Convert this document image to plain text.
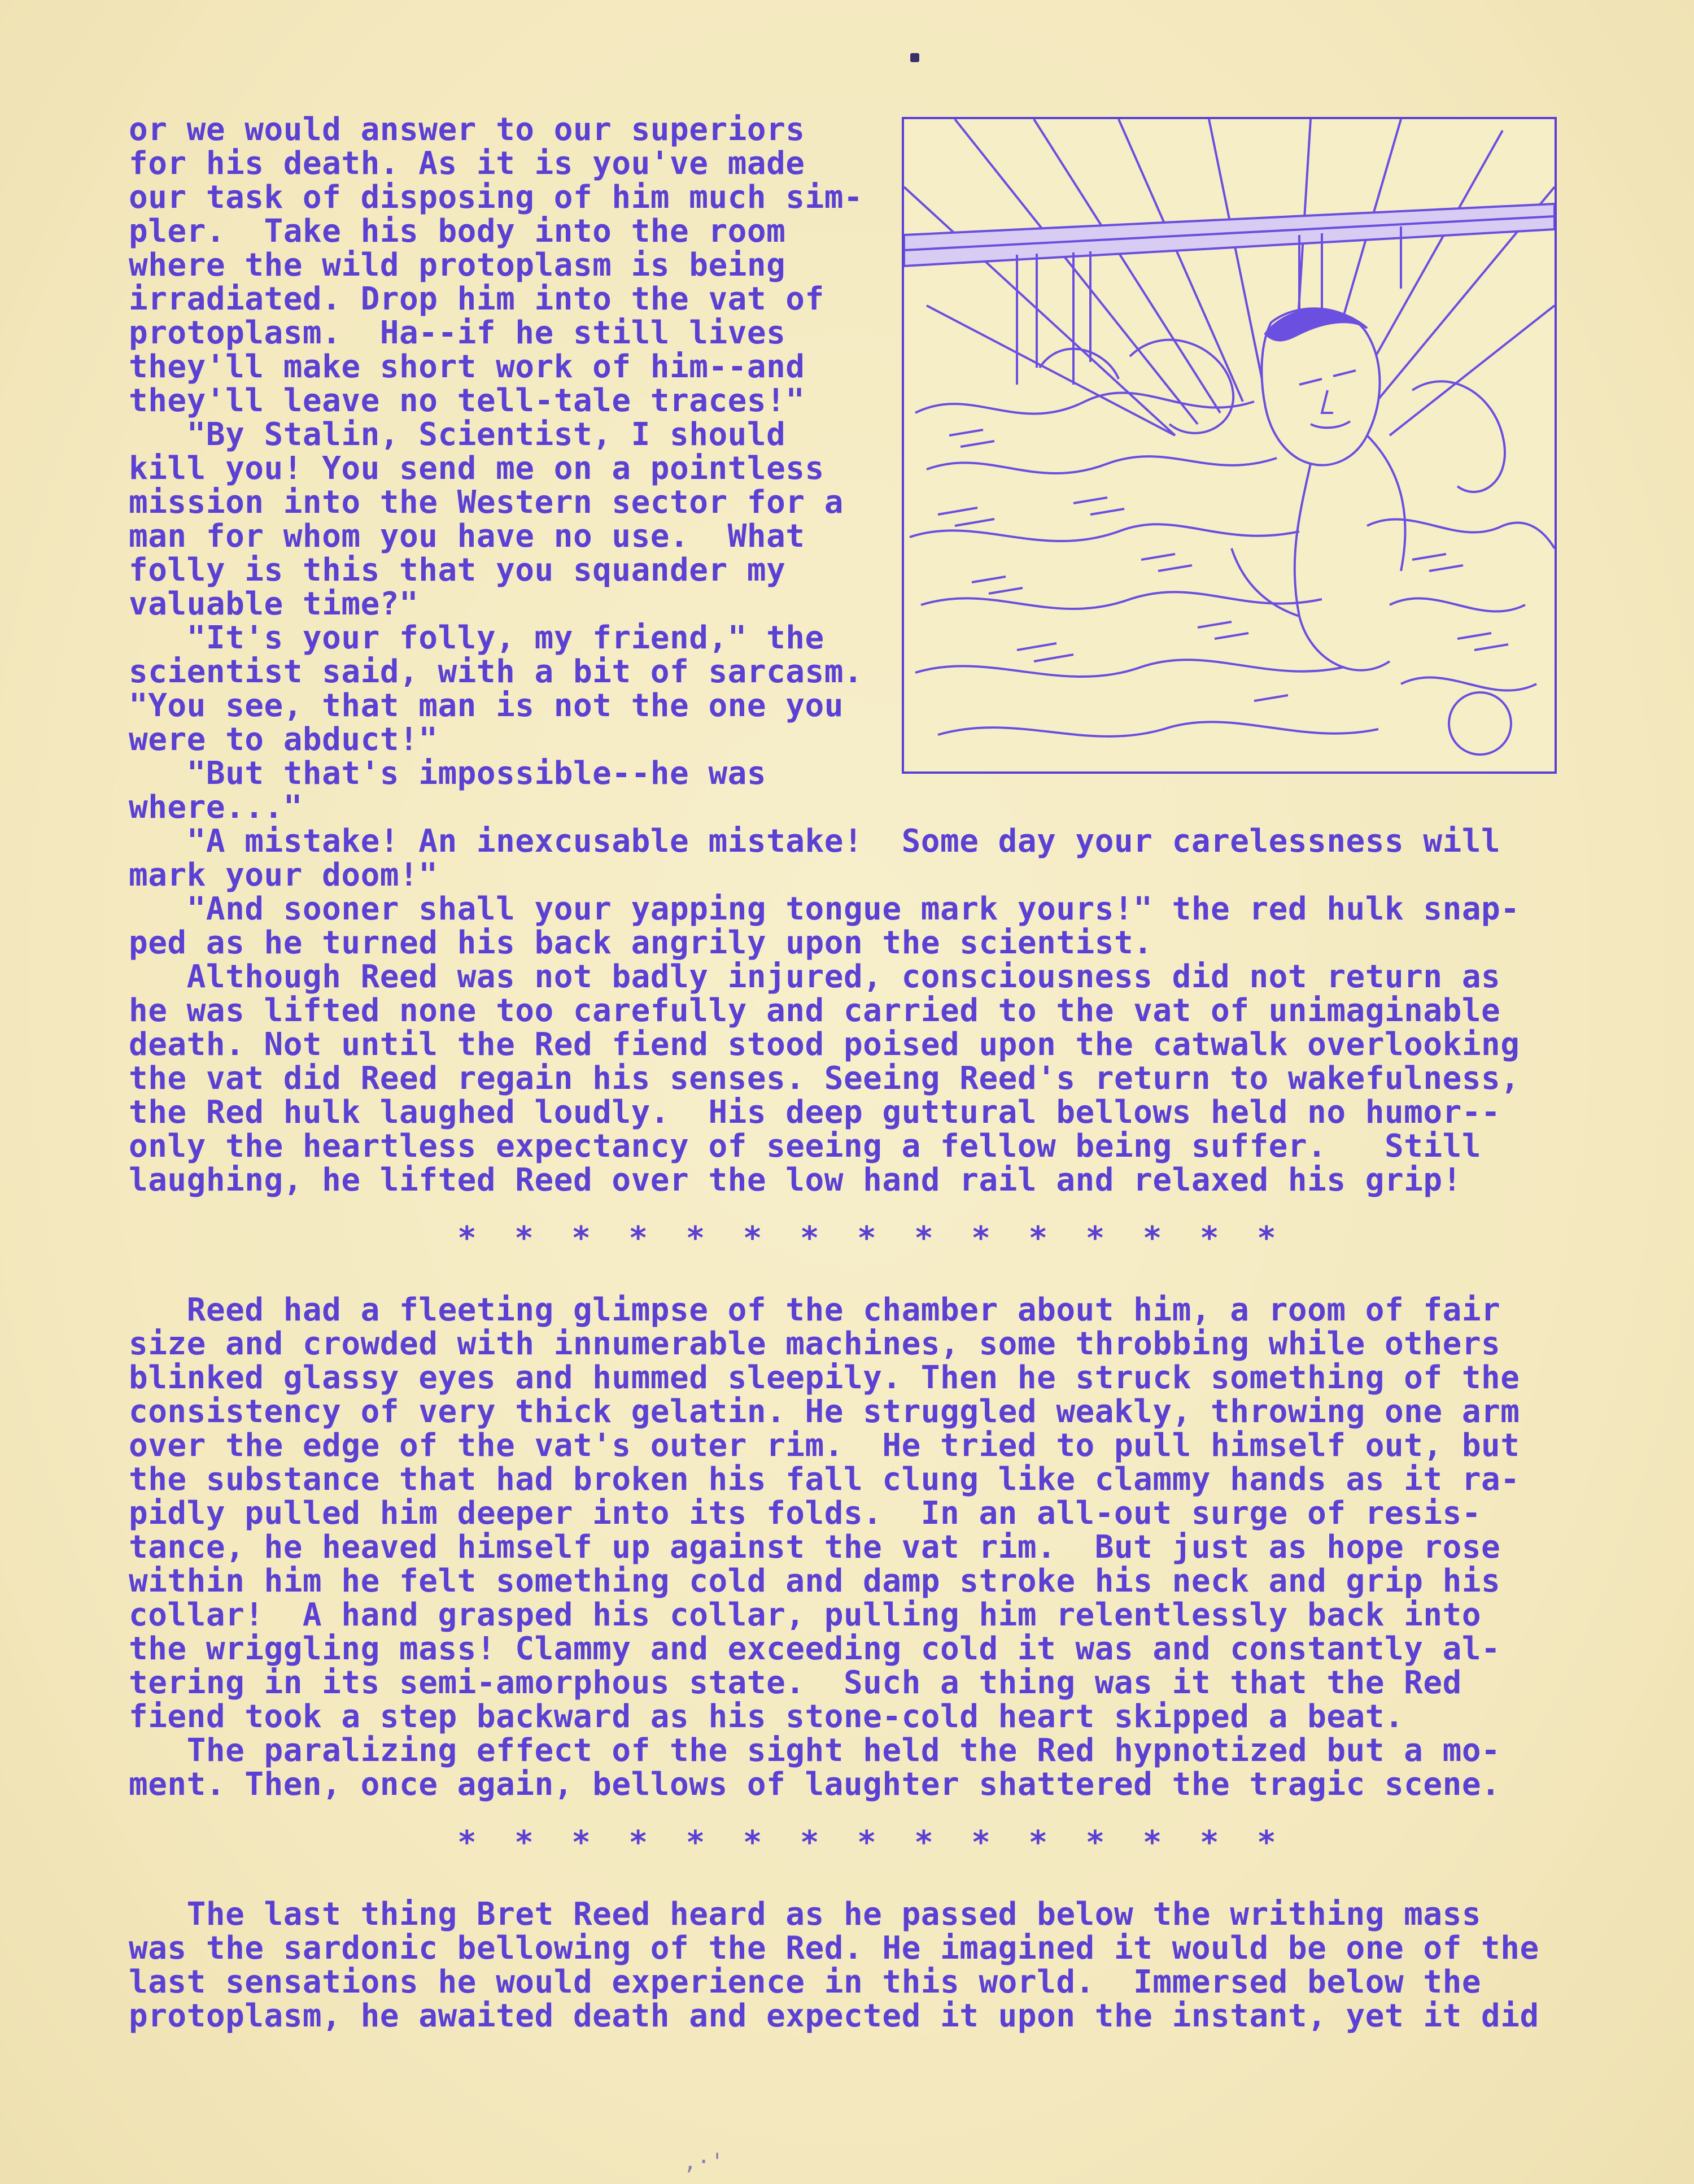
or we would answer to our superiors
for his death. As it is you've made
our task of disposing of him much sim-
pler.  Take his body into the room
where the wild protoplasm is being
irradiated. Drop him into the vat of
protoplasm.  Ha--if he still lives
they'll make short work of him--and
they'll leave no tell-tale traces!"
"By Stalin, Scientist, I should
kill you! You send me on a pointless
mission into the Western sector for a
man for whom you have no use.  What
folly is this that you squander my
valuable time?"
"It's your folly, my friend," the
scientist said, with a bit of sarcasm.
"You see, that man is not the one you
were to abduct!"
"But that's impossible--he was
where..."
"A mistake! An inexcusable mistake!  Some day your carelessness will
mark your doom!"
"And sooner shall your yapping tongue mark yours!" the red hulk snap-
ped as he turned his back angrily upon the scientist.
Although Reed was not badly injured, consciousness did not return as
he was lifted none too carefully and carried to the vat of unimaginable
death. Not until the Red fiend stood poised upon the catwalk overlooking
the vat did Reed regain his senses. Seeing Reed's return to wakefulness,
the Red hulk laughed loudly.  His deep guttural bellows held no humor--
only the heartless expectancy of seeing a fellow being suffer.   Still
laughing, he lifted Reed over the low hand rail and relaxed his grip!
*  *  *  *  *  *  *  *  *  *  *  *  *  *  *
Reed had a fleeting glimpse of the chamber about him, a room of fair
size and crowded with innumerable machines, some throbbing while others
blinked glassy eyes and hummed sleepily. Then he struck something of the
consistency of very thick gelatin. He struggled weakly, throwing one arm
over the edge of the vat's outer rim.  He tried to pull himself out, but
the substance that had broken his fall clung like clammy hands as it ra-
pidly pulled him deeper into its folds.  In an all-out surge of resis-
tance, he heaved himself up against the vat rim.  But just as hope rose
within him he felt something cold and damp stroke his neck and grip his
collar!  A hand grasped his collar, pulling him relentlessly back into
the wriggling mass! Clammy and exceeding cold it was and constantly al-
tering in its semi-amorphous state.  Such a thing was it that the Red
fiend took a step backward as his stone-cold heart skipped a beat.
The paralizing effect of the sight held the Red hypnotized but a mo-
ment. Then, once again, bellows of laughter shattered the tragic scene.
*  *  *  *  *  *  *  *  *  *  *  *  *  *  *
The last thing Bret Reed heard as he passed below the writhing mass
was the sardonic bellowing of the Red. He imagined it would be one of the
last sensations he would experience in this world.  Immersed below the
protoplasm, he awaited death and expected it upon the instant, yet it did
,·'
